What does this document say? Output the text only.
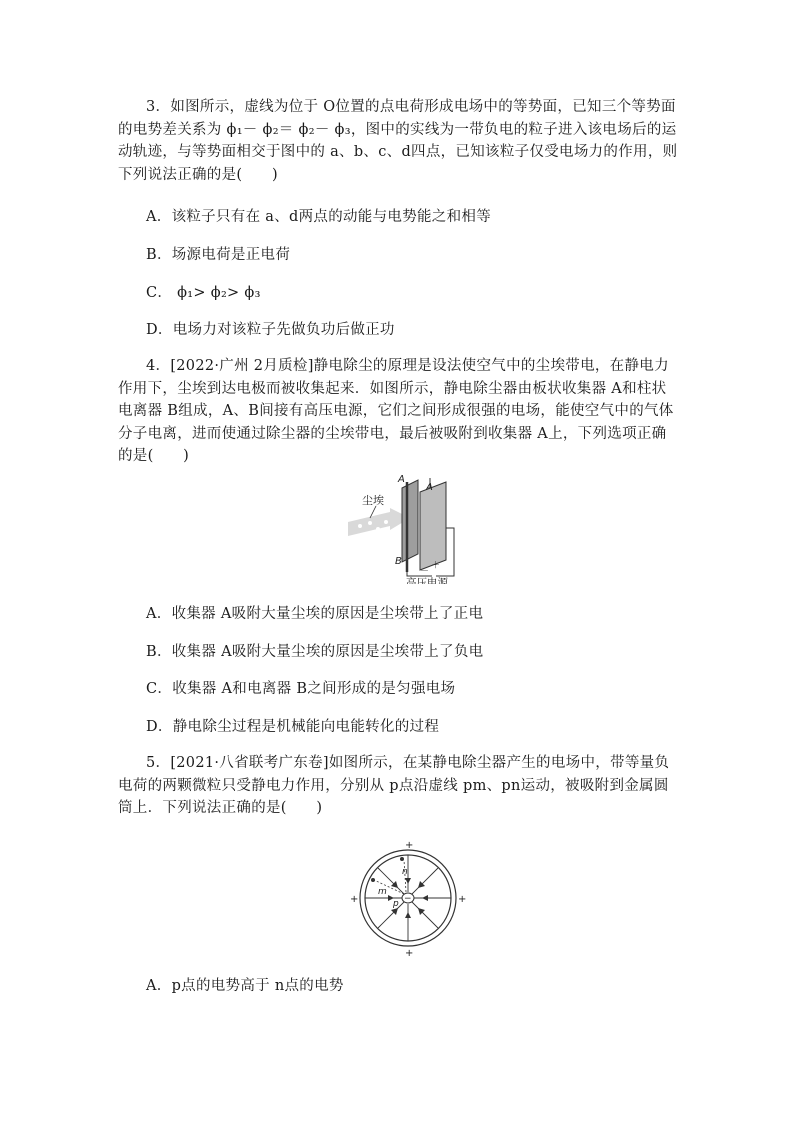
3．如图所示，虚线为位于 O位置的点电荷形成电场中的等势面，已知三个等势面的电势差关系为 ϕ₁－ ϕ₂＝ ϕ₂－ ϕ₃，图中的实线为一带负电的粒子进入该电场后的运动轨迹，与等势面相交于图中的 a、b、c、d四点，已知该粒子仅受电场力的作用，则下列说法正确的是(　　)
A．该粒子只有在 a、d两点的动能与电势能之和相等
B．场源电荷是正电荷
C． ϕ₁> ϕ₂> ϕ₃
D．电场力对该粒子先做负功后做正功
4．[2022·广州 2月质检]静电除尘的原理是设法使空气中的尘埃带电，在静电力作用下，尘埃到达电极而被收集起来．如图所示，静电除尘器由板状收集器 A和柱状电离器 B组成，A、B间接有高压电源，它们之间形成很强的电场，能使空气中的气体分子电离，进而使通过除尘器的尘埃带电，最后被吸附到收集器 A上，下列选项正确的是(　　)
尘埃
A
A
B
－
＋
高压电源
A．收集器 A吸附大量尘埃的原因是尘埃带上了正电
B．收集器 A吸附大量尘埃的原因是尘埃带上了负电
C．收集器 A和电离器 B之间形成的是匀强电场
D．静电除尘过程是机械能向电能转化的过程
5．[2021·八省联考广东卷]如图所示，在某静电除尘器产生的电场中，带等量负电荷的两颗微粒只受静电力作用，分别从 p点沿虚线 pm、pn运动，被吸附到金属圆筒上．下列说法正确的是(　　)
−
n
m
p
+
+
+	+
A．p点的电势高于 n点的电势
